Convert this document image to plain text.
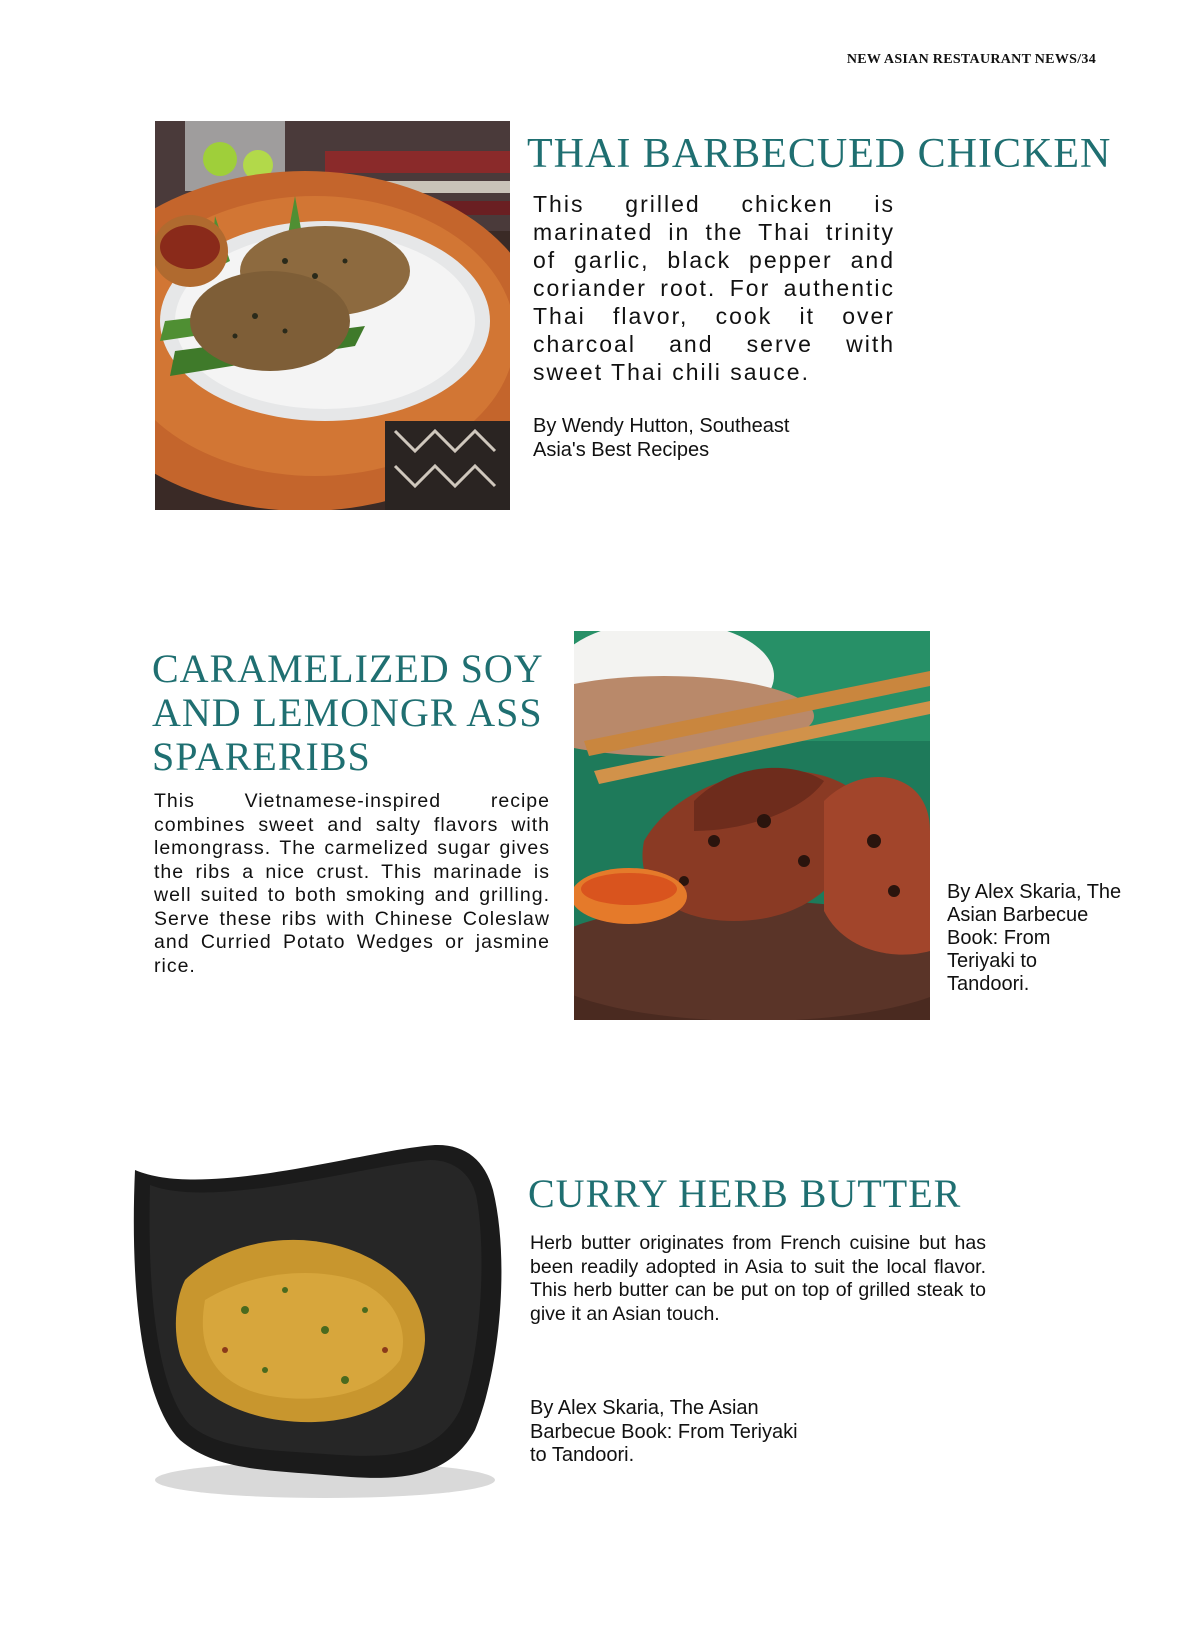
NEW ASIAN RESTAURANT NEWS/34
THAI BARBECUED CHICKEN

This grilled chicken is marinated in the Thai trinity of garlic, black pepper and coriander root. For authentic Thai flavor, cook it over charcoal and serve with sweet Thai chili sauce.

By Wendy Hutton, Southeast Asia's Best Recipes

CARAMELIZED SOY AND LEMONGR ASS SPARERIBS

This Vietnamese-inspired recipe combines sweet and salty flavors with lemongrass. The carmelized sugar gives the ribs a nice crust. This marinade is well suited to both smoking and grilling. Serve these ribs with Chinese Coleslaw and Curried Potato Wedges or jasmine rice.

By Alex Skaria, The Asian Barbecue Book: From Teriyaki to Tandoori.

CURRY HERB BUTTER

Herb butter originates from French cuisine but has been readily adopted in Asia to suit the local flavor. This herb butter can be put on top of grilled steak to give it an Asian touch.

By Alex Skaria, The Asian Barbecue Book: From Teriyaki to Tandoori.
